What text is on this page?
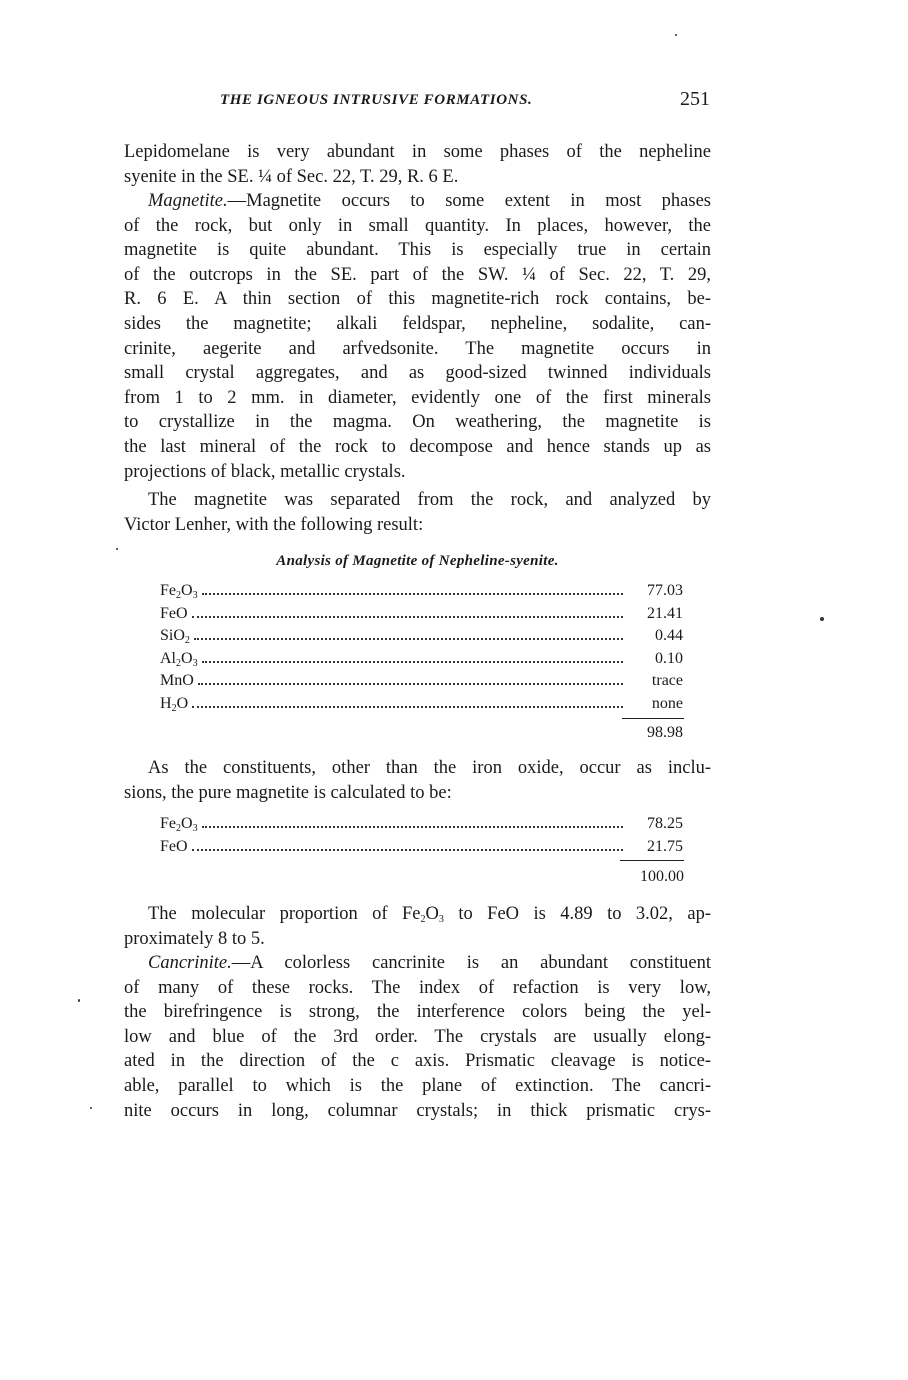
THE IGNEOUS INTRUSIVE FORMATIONS.	251
Lepidomelane is very abundant in some phases of the nepheline
syenite in the SE. ¼ of Sec. 22, T. 29, R. 6 E.
Magnetite.—Magnetite occurs to some extent in most phases
of the rock, but only in small quantity. In places, however, the
magnetite is quite abundant. This is especially true in certain
of the outcrops in the SE. part of the SW. ¼ of Sec. 22, T. 29,
R. 6 E. A thin section of this magnetite-rich rock contains, be-
sides the magnetite; alkali feldspar, nepheline, sodalite, can-
crinite, aegerite and arfvedsonite. The magnetite occurs in
small crystal aggregates, and as good-sized twinned individuals
from 1 to 2 mm. in diameter, evidently one of the first minerals
to crystallize in the magma. On weathering, the magnetite is
the last mineral of the rock to decompose and hence stands up as
projections of black, metallic crystals.
The magnetite was separated from the rock, and analyzed by
Victor Lenher, with the following result:
Analysis of Magnetite of Nepheline-syenite.
$Fe_2O_3$	77.03
FeO	21.41
SiO$_2$	0.44
$Al_2O_3$	0.10
MnO	trace
$H_2O$	none
98.98
As the constituents, other than the iron oxide, occur as inclu-
sions, the pure magnetite is calculated to be:
$Fe_2O_3$	78.25
FeO	21.75
100.00
The molecular proportion of $Fe_2O_3$ to FeO is 4.89 to 3.02, ap-
proximately 8 to 5.
Cancrinite.—A colorless cancrinite is an abundant constituent
of many of these rocks. The index of refaction is very low,
the birefringence is strong, the interference colors being the yel-
low and blue of the 3rd order. The crystals are usually elong-
ated in the direction of the c axis. Prismatic cleavage is notice-
able, parallel to which is the plane of extinction. The cancri-
nite occurs in long, columnar crystals; in thick prismatic crys-
